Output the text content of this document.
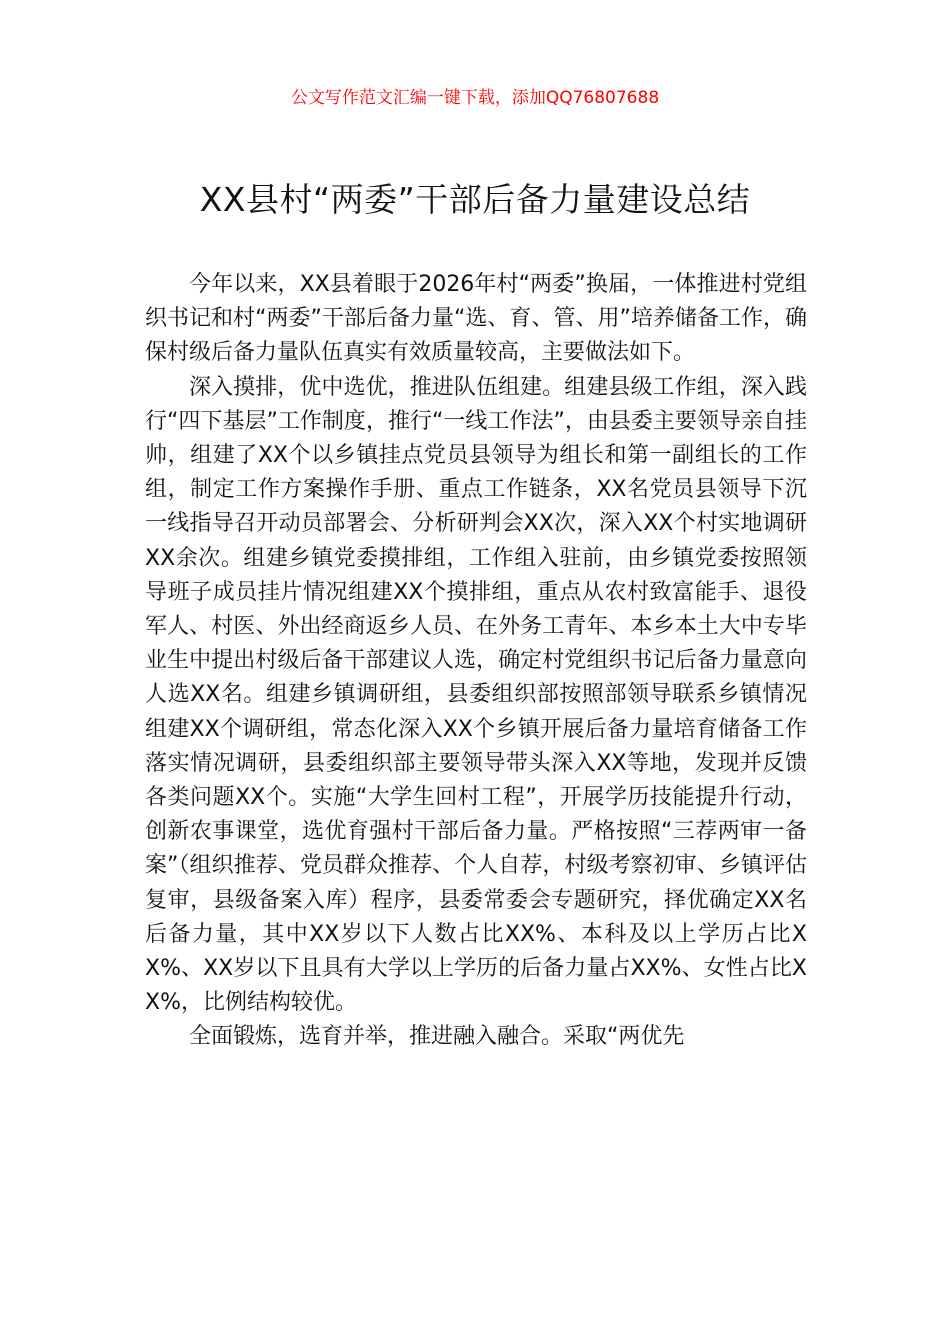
公文写作范文汇编一键下载，添加QQ76807688
XX县村“两委”干部后备力量建设总结

今年以来，XX县着眼于2026年村“两委”换届，一体推进村党组织书记和村“两委”干部后备力量“选、育、管、用”培养储备工作，确保村级后备力量队伍真实有效质量较高，主要做法如下。

深入摸排，优中选优，推进队伍组建。组建县级工作组，深入践行“四下基层”工作制度，推行“一线工作法”，由县委主要领导亲自挂帅，组建了XX个以乡镇挂点党员县领导为组长和第一副组长的工作组，制定工作方案操作手册、重点工作链条，XX名党员县领导下沉一线指导召开动员部署会、分析研判会XX次，深入XX个村实地调研XX余次。组建乡镇党委摸排组，工作组入驻前，由乡镇党委按照领导班子成员挂片情况组建XX个摸排组，重点从农村致富能手、退役军人、村医、外出经商返乡人员、在外务工青年、本乡本土大中专毕业生中提出村级后备干部建议人选，确定村党组织书记后备力量意向人选XX名。组建乡镇调研组，县委组织部按照部领导联系乡镇情况组建XX个调研组，常态化深入XX个乡镇开展后备力量培育储备工作落实情况调研，县委组织部主要领导带头深入XX等地，发现并反馈各类问题XX个。实施“大学生回村工程”，开展学历技能提升行动，创新农事课堂，选优育强村干部后备力量。严格按照“三荐两审一备案”（组织推荐、党员群众推荐、个人自荐，村级考察初审、乡镇评估复审，县级备案入库）程序，县委常委会专题研究，择优确定XX名后备力量，其中XX岁以下人数占比XX%、本科及以上学历占比XX%、XX岁以下且具有大学以上学历的后备力量占XX%、女性占比XX%，比例结构较优。

全面锻炼，选育并举，推进融入融合。采取“两优先
